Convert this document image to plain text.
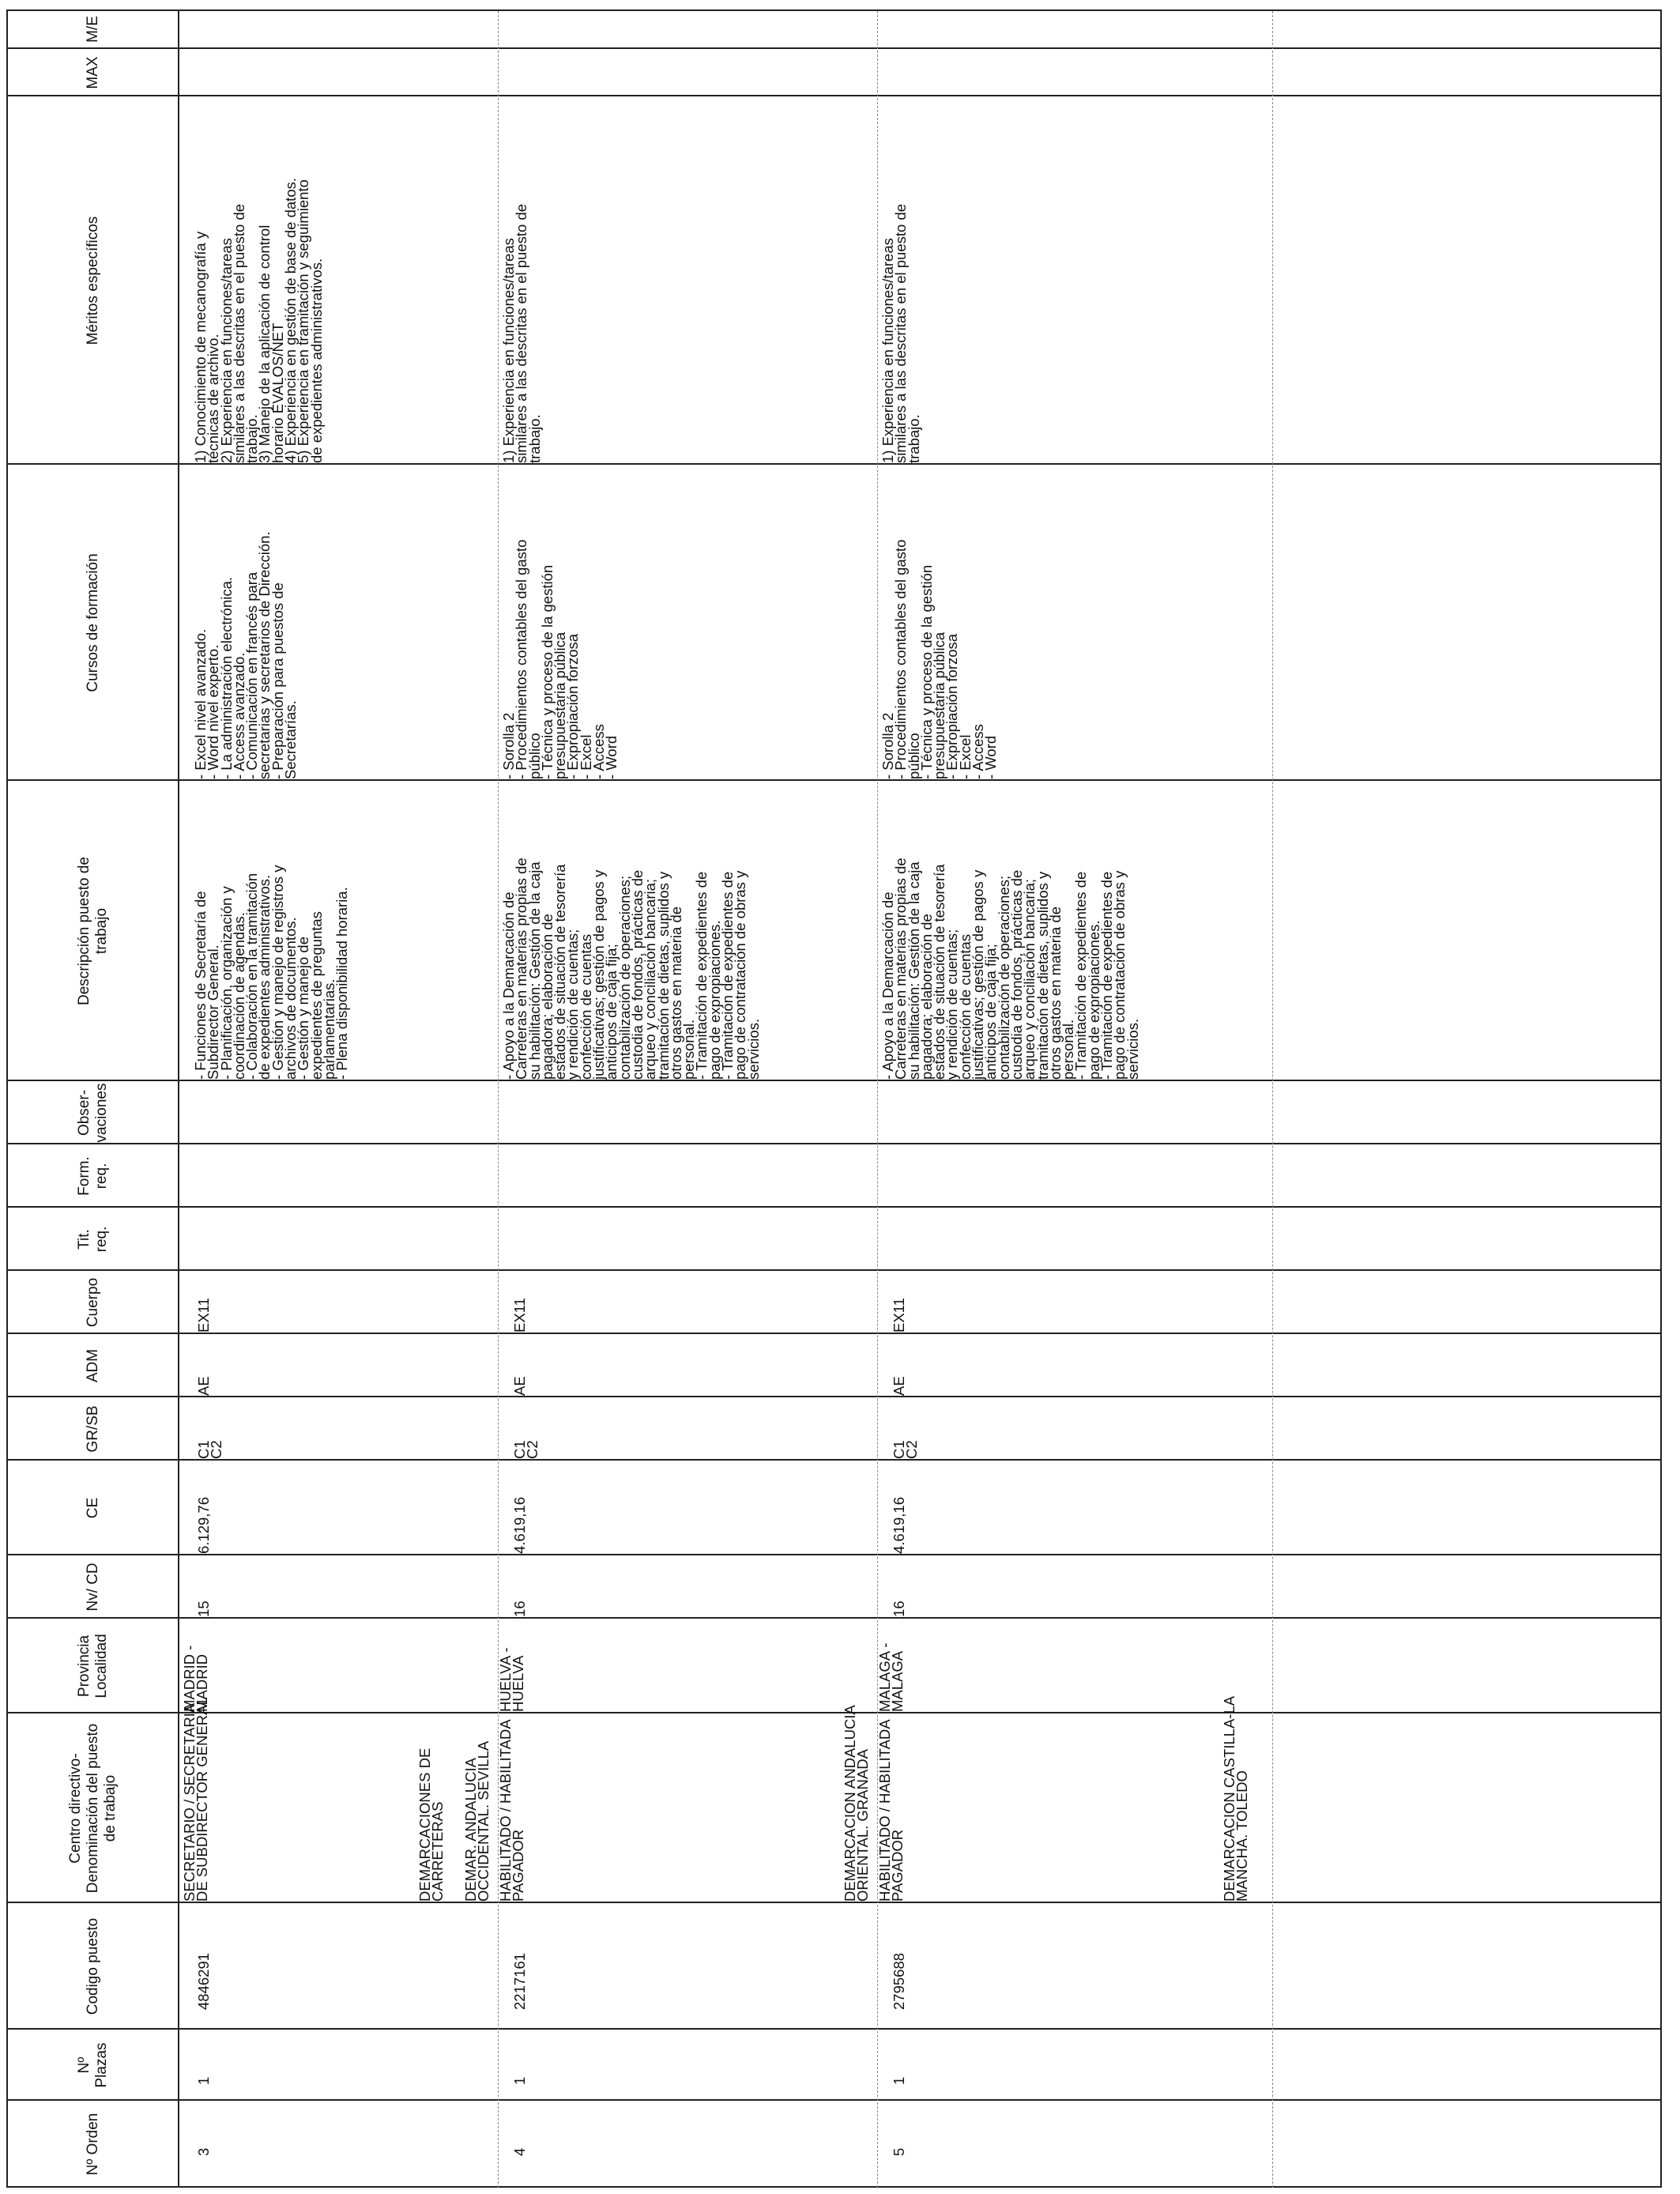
Nº Orden
Nº Plazas
Codigo puesto
Centro directivo- Denominación del puesto de trabajo
Provincia Localidad
Nv/ CD
CE
GR/SB
ADM
Cuerpo
Tit.
req.
Form.
req.
Obser-
vaciones
Descripción puesto de
trabajo
Cursos de formación
Méritos específicos
MAX
M/E
3
1
4846291
SECRETARIO / SECRETARIA
DE SUBDIRECTOR GENERAL
MADRID -
MADRID
15
6.129,76
C1
C2
AE
EX11
- Funciones de Secretaría de
Subdirector General.
- Planificación, organización y
coordinación de agendas.
- Colaboración en la tramitación
de expedientes administrativos.
- Gestión y manejo de registros y
archivos de documentos.
- Gestión y manejo de
expedientes de preguntas
parlamentarias.
- Plena disponibilidad horaria.
- Excel nivel avanzado.
- Word nivel experto.
- La administración electrónica.
- Access avanzado.
- Comunicación en francés para
secretarias y secretarios de Dirección.
- Preparación para puestos de
Secretarías.
1) Conocimiento de mecanografía y
técnicas de archivo.
2) Experiencia en funciones/tareas
similares a las descritas en el puesto de
trabajo.
3) Manejo de la aplicación de control
horario EVALOS/NET
4) Experiencia en gestión de base de datos.
5) Experiencia en tramitación y seguimiento
de expedientes administrativos.
DEMARCACIONES DE
CARRETERAS DEMAR. ANDALUCIA
OCCIDENTAL. SEVILLA
4
1
2217161
HABILITADO / HABILITADA
PAGADOR
HUELVA -
HUELVA
16
4.619,16
C1
C2
AE
EX11
- Apoyo a la Demarcación de
Carreteras en materias propias de
su habilitación: Gestión de la caja
pagadora; elaboración de
estados de situación de tesorería
y rendición de cuentas;
confección de cuentas
justificativas; gestión de pagos y
anticipos de caja fija;
contabilización de operaciones;
custodia de fondos, prácticas de
arqueo y conciliación bancaria;
tramitación de dietas, suplidos y
otros gastos en materia de
personal.
- Tramitación de expedientes de
pago de expropiaciones.
- Tramitación de expedientes de
pago de contratación de obras y
servicios.
- Sorolla 2
- Procedimientos contables del gasto
público
- Técnica y proceso de la gestión
presupuestaria pública
- Expropiación forzosa
- Excel
- Access
- Word
1) Experiencia en funciones/tareas
similares a las descritas en el puesto de
trabajo.
DEMARCACION ANDALUCIA
ORIENTAL. GRANADA
5
1
2795688
HABILITADO / HABILITADA
PAGADOR
MALAGA -
MALAGA
16
4.619,16
C1
C2
AE
EX11
- Apoyo a la Demarcación de
Carreteras en materias propias de
su habilitación: Gestión de la caja
pagadora; elaboración de
estados de situación de tesorería
y rendición de cuentas;
confección de cuentas
justificativas; gestión de pagos y
anticipos de caja fija;
contabilización de operaciones;
custodia de fondos, prácticas de
arqueo y conciliación bancaria;
tramitación de dietas, suplidos y
otros gastos en materia de
personal.
- Tramitación de expedientes de
pago de expropiaciones.
- Tramitación de expedientes de
pago de contratación de obras y
servicios.
- Sorolla 2
- Procedimientos contables del gasto
público
- Técnica y proceso de la gestión
presupuestaria pública
- Expropiación forzosa
- Excel
- Access
- Word
1) Experiencia en funciones/tareas
similares a las descritas en el puesto de
trabajo.
DEMARCACION CASTILLA-LA
MANCHA. TOLEDO
